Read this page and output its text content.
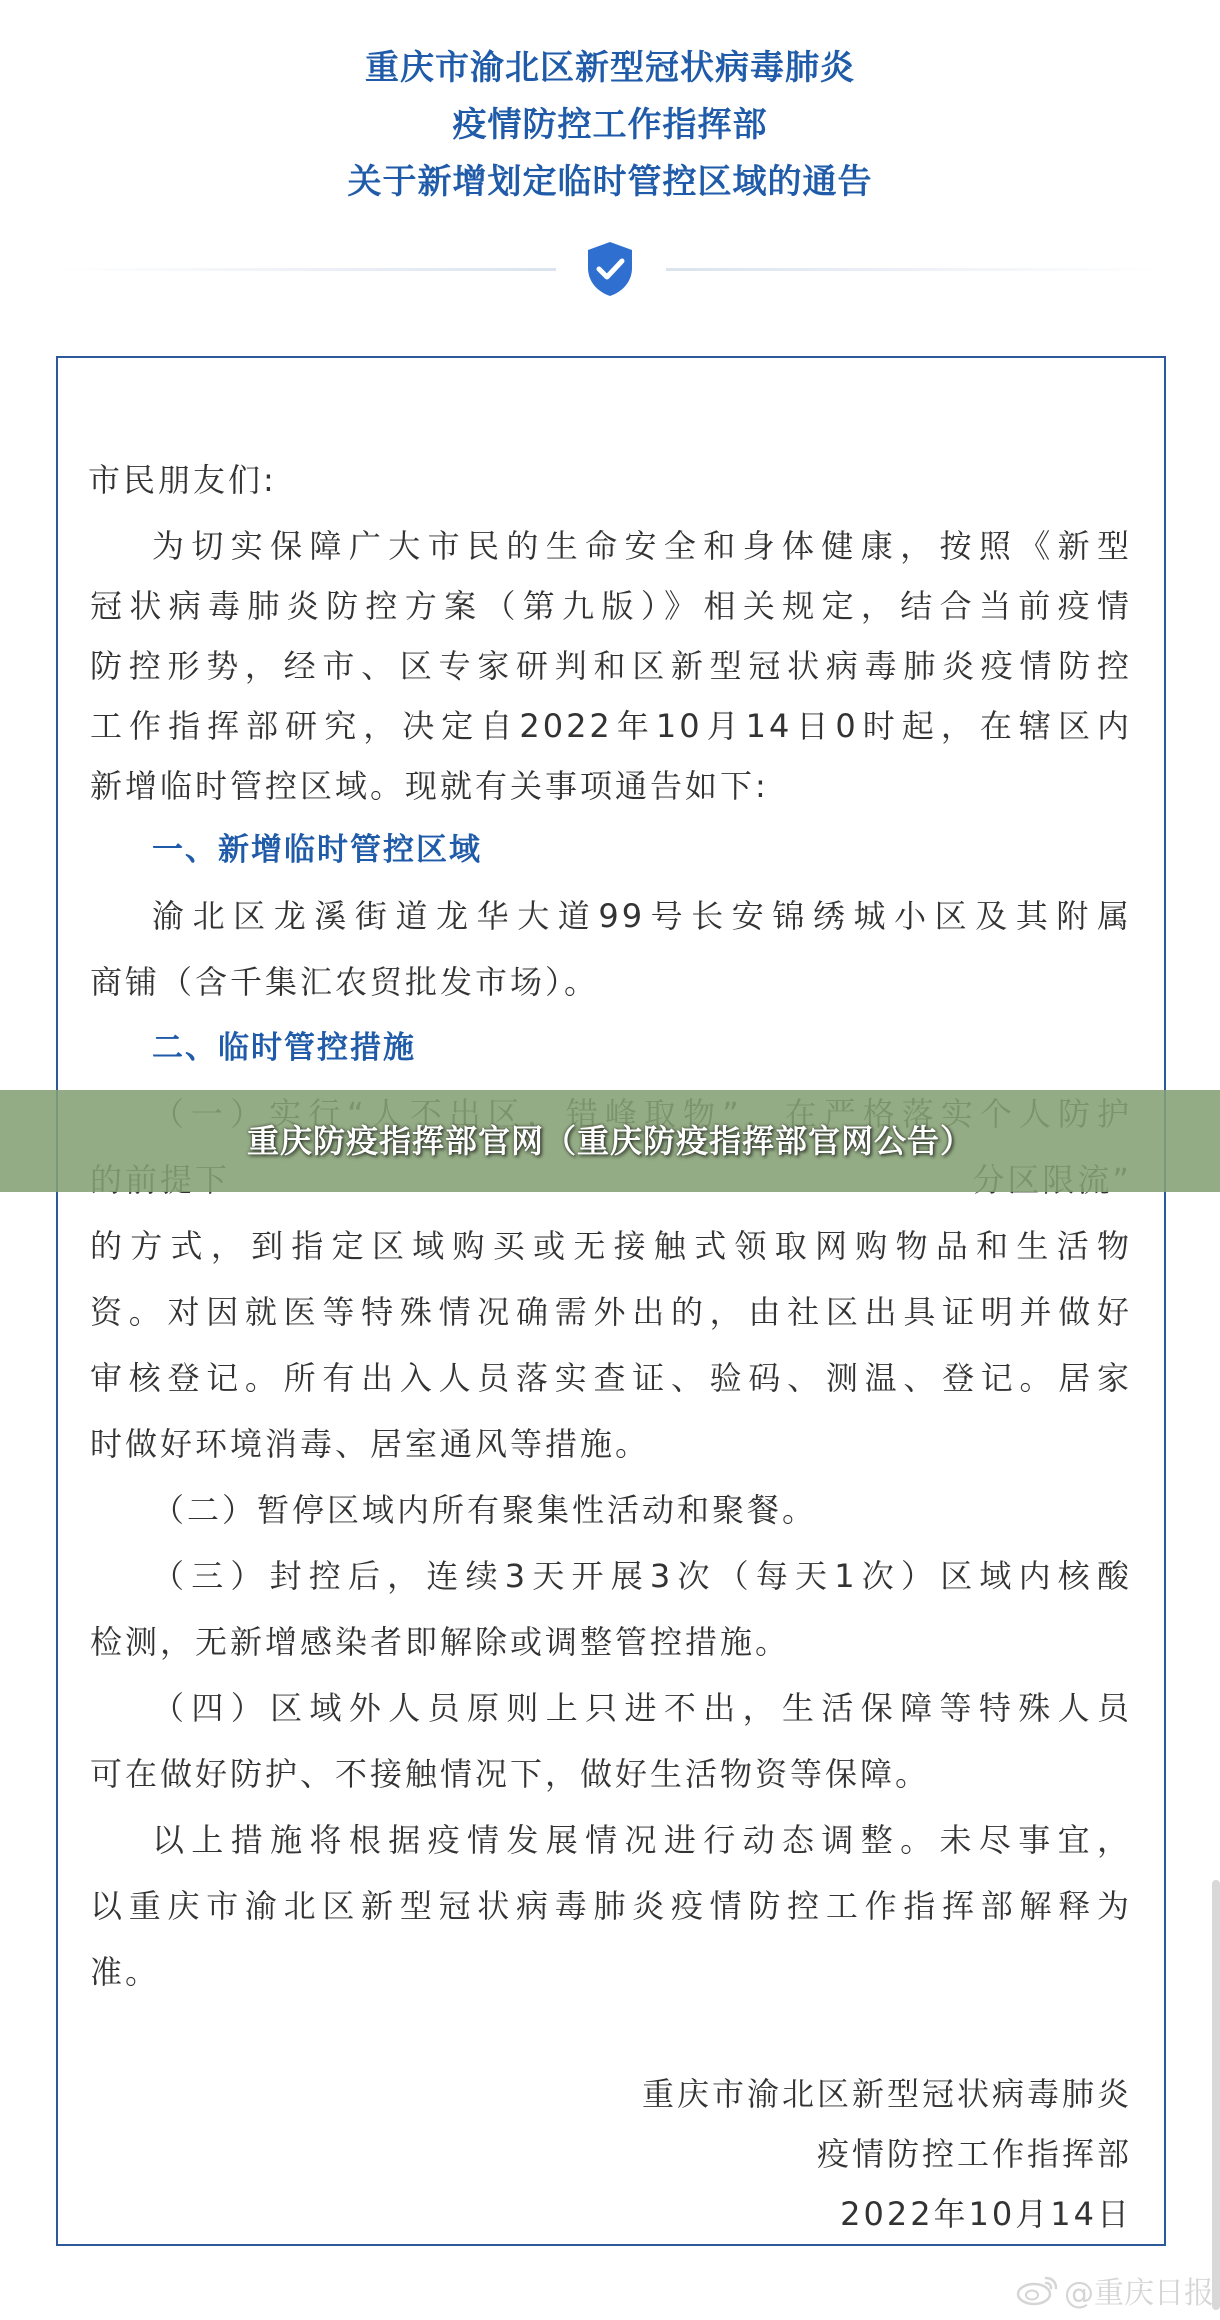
重庆市渝北区新型冠状病毒肺炎
疫情防控工作指挥部
关于新增划定临时管控区域的通告
市民朋友们:
为切实保障广大市民的生命安全和身体健康，按照《新型
冠状病毒肺炎防控方案（第九版）》相关规定，结合当前疫情
防控形势，经市、区专家研判和区新型冠状病毒肺炎疫情防控
工作指挥部研究，决定自2022年10月14日0时起，在辖区内
新增临时管控区域。现就有关事项通告如下:
一、新增临时管控区域
渝北区龙溪街道龙华大道99号长安锦绣城小区及其附属
商铺（含千集汇农贸批发市场）。
二、临时管控措施
的方式，到指定区域购买或无接触式领取网购物品和生活物
资。对因就医等特殊情况确需外出的，由社区出具证明并做好
审核登记。所有出入人员落实查证、验码、测温、登记。居家
时做好环境消毒、居室通风等措施。
（二）暂停区域内所有聚集性活动和聚餐。
（三）封控后，连续3天开展3次（每天1次）区域内核酸
检测，无新增感染者即解除或调整管控措施。
（四）区域外人员原则上只进不出，生活保障等特殊人员
可在做好防护、不接触情况下，做好生活物资等保障。
以上措施将根据疫情发展情况进行动态调整。未尽事宜，
以重庆市渝北区新型冠状病毒肺炎疫情防控工作指挥部解释为
准。
重庆市渝北区新型冠状病毒肺炎
疫情防控工作指挥部
2022年10月14日
重庆防疫指挥部官网（重庆防疫指挥部官网公告）
@重庆日报
